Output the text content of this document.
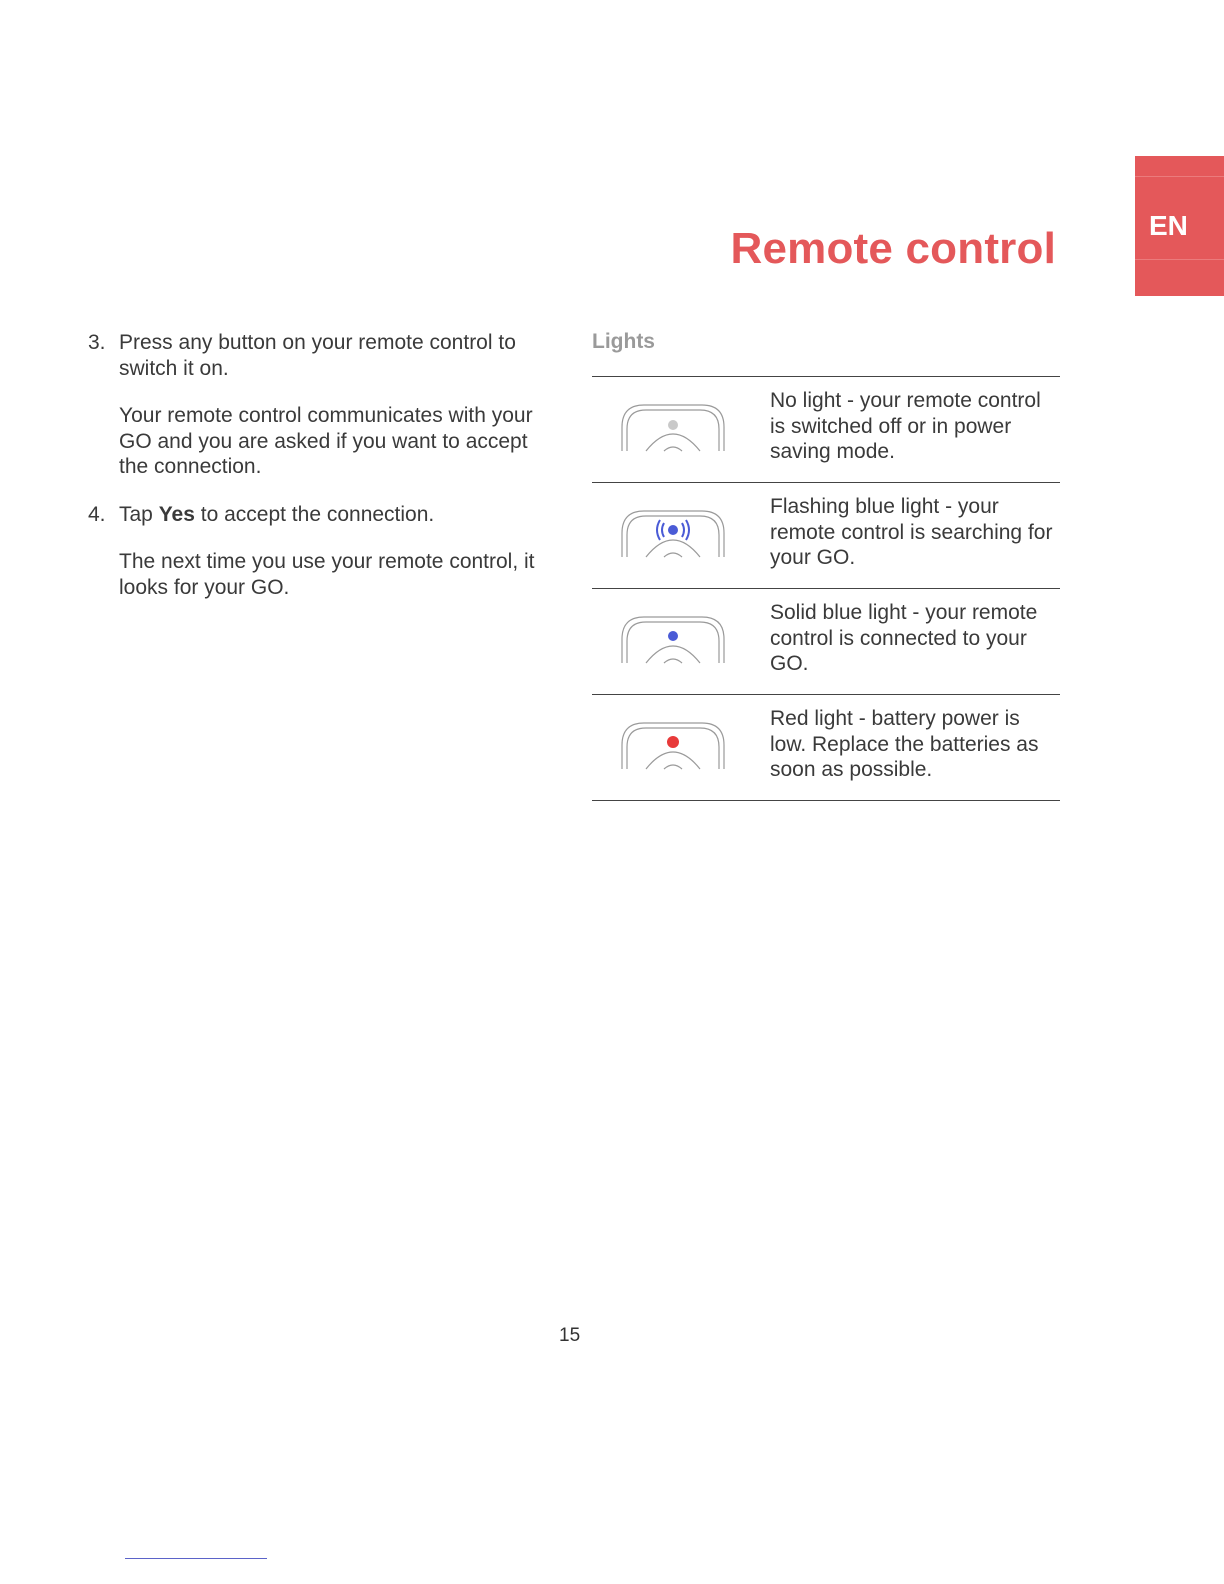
EN
Remote control
3. Press any button on your remote control to switch it on.

Your remote control communicates with your GO and you are asked if you want to accept the connection.

4. Tap Yes to accept the connection.

The next time you use your remote control, it looks for your GO.

Lights
No light - your remote control is switched off or in power saving mode.
Flashing blue light - your remote control is searching for your GO.
Solid blue light - your remote control is connected to your GO.
Red light - battery power is low. Replace the batteries as soon as possible.
15
